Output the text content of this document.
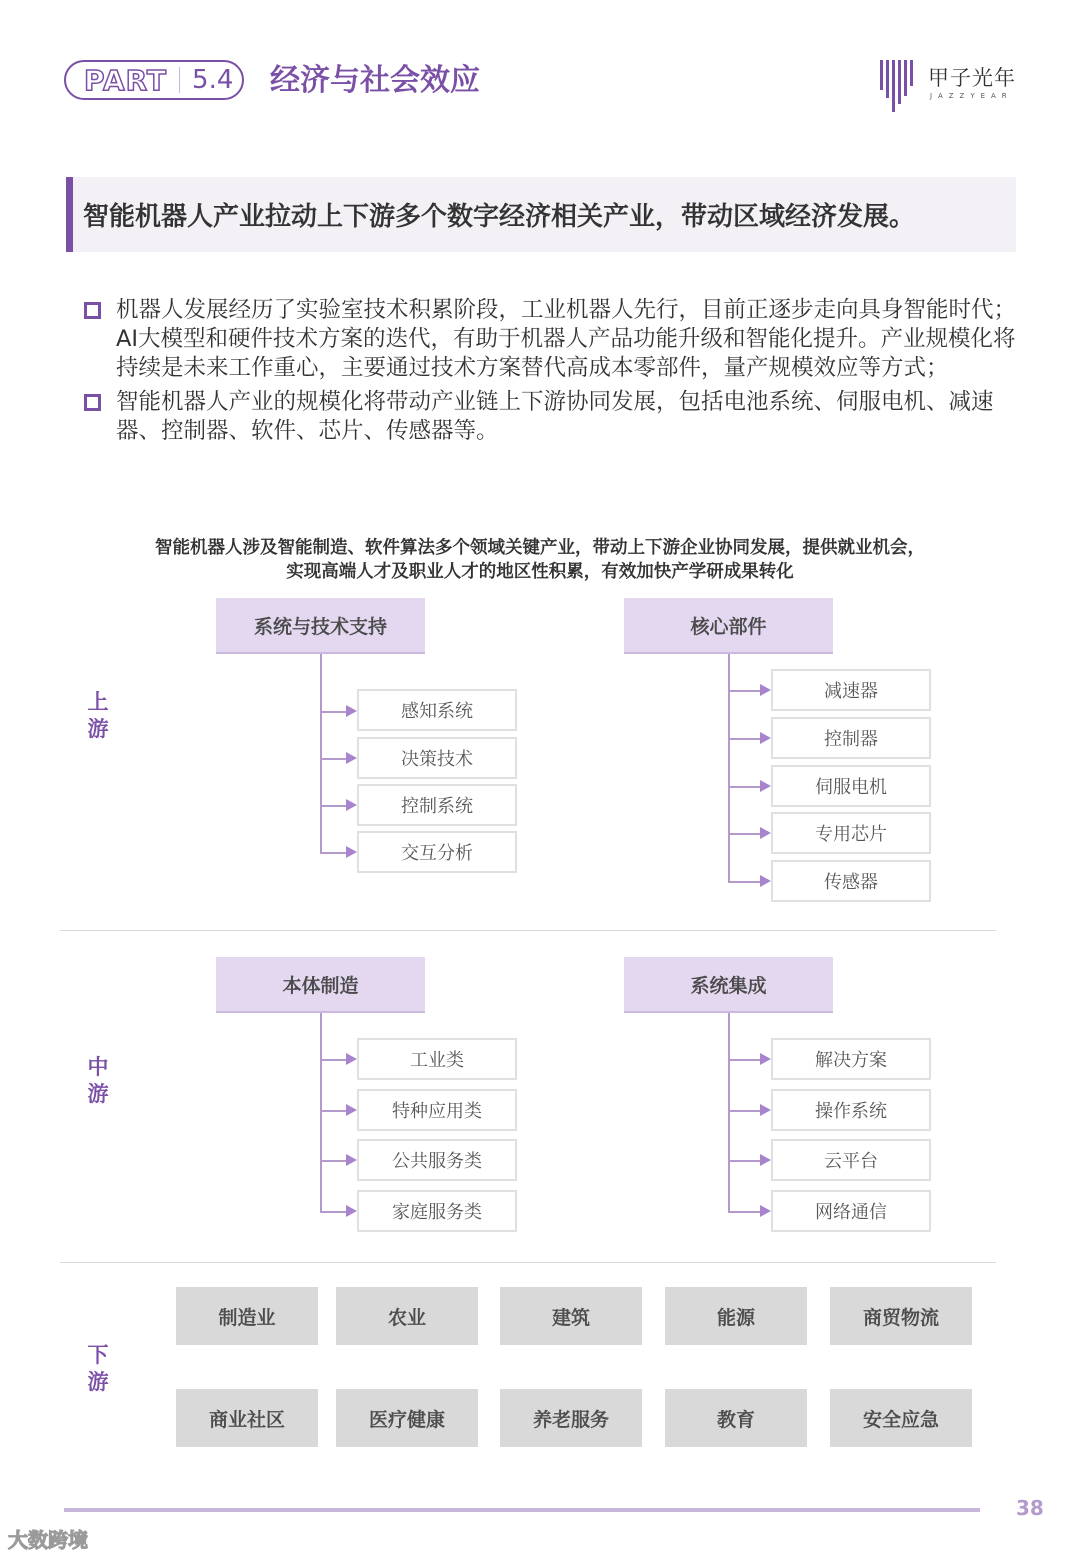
PART 5.4 经济与社会效应	甲子光年
JAZZYEAR
智能机器人产业拉动上下游多个数字经济相关产业，带动区域经济发展。
机器人发展经历了实验室技术积累阶段，工业机器人先行，目前正逐步走向具身智能时代；AI大模型和硬件技术方案的迭代，有助于机器人产品功能升级和智能化提升。产业规模化将持续是未来工作重心，主要通过技术方案替代高成本零部件，量产规模效应等方式；
智能机器人产业的规模化将带动产业链上下游协同发展，包括电池系统、伺服电机、减速器、控制器、软件、芯片、传感器等。
智能机器人涉及智能制造、软件算法多个领域关键产业，带动上下游企业协同发展，提供就业机会，
实现高端人才及职业人才的地区性积累，有效加快产学研成果转化
上游
系统与技术支持
感知系统
决策技术
控制系统
交互分析
核心部件
减速器
控制器
伺服电机
专用芯片
传感器
中游
本体制造
工业类
特种应用类
公共服务类
家庭服务类
系统集成
解决方案
操作系统
云平台
网络通信
下游
制造业	农业	建筑	能源	商贸物流
商业社区	医疗健康	养老服务	教育	安全应急
38
大数跨境
